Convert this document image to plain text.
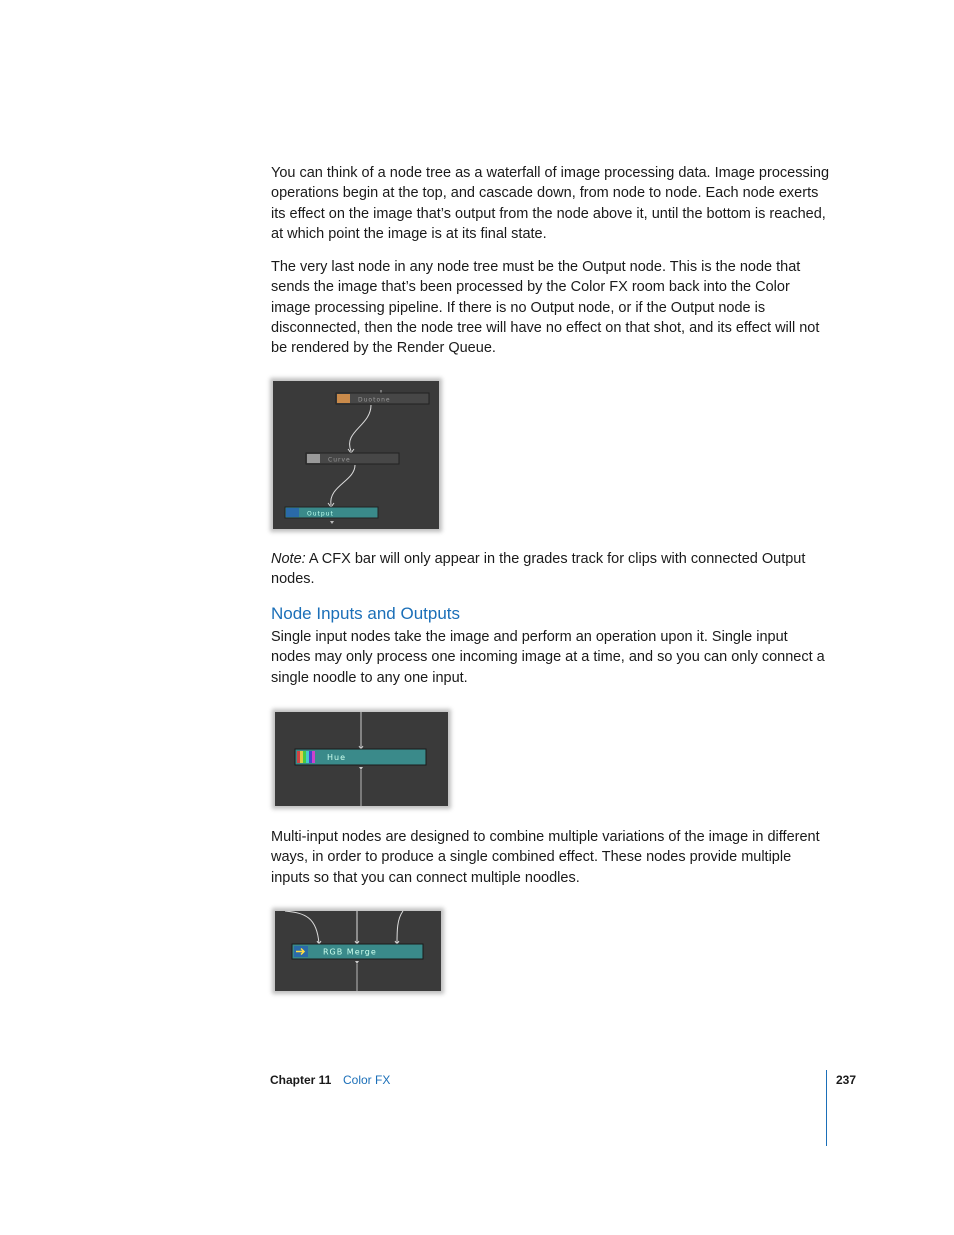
You can think of a node tree as a waterfall of image processing data. Image processing operations begin at the top, and cascade down, from node to node. Each node exerts its effect on the image that’s output from the node above it, until the bottom is reached, at which point the image is at its final state.

The very last node in any node tree must be the Output node. This is the node that sends the image that’s been processed by the Color FX room back into the Color image processing pipeline. If there is no Output node, or if the Output node is disconnected, then the node tree will have no effect on that shot, and its effect will not be rendered by the Render Queue.

Duotone
Curve
Output

Note: A CFX bar will only appear in the grades track for clips with connected Output nodes.

Node Inputs and Outputs

Single input nodes take the image and perform an operation upon it. Single input nodes may only process one incoming image at a time, and so you can only connect a single noodle to any one input.

Hue

Multi-input nodes are designed to combine multiple variations of the image in different ways, in order to produce a single combined effect. These nodes provide multiple inputs so that you can connect multiple noodles.

RGB Merge
Chapter 11 Color FX	237
